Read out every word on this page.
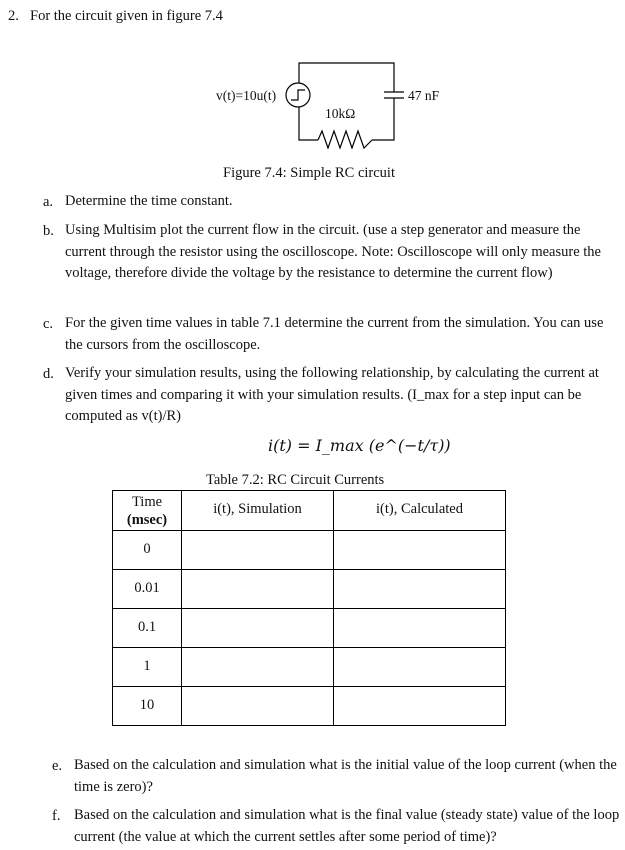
2. For the circuit given in figure 7.4
v(t)=10u(t)
10kΩ
47 nF
Figure 7.4: Simple RC circuit
a. Determine the time constant.
b. Using Multisim plot the current flow in the circuit. (use a step generator and measure the current through the resistor using the oscilloscope. Note: Oscilloscope will only measure the voltage, therefore divide the voltage by the resistance to determine the current flow)
c. For the given time values in table 7.1 determine the current from the simulation. You can use the cursors from the oscilloscope.
d. Verify your simulation results, using the following relationship, by calculating the current at given times and comparing it with your simulation results. (I_max for a step input can be computed as v(t)/R)
i(t) = I_max (e^(−t/τ))
Table 7.2: RC Circuit Currents
Time
(msec)	i(t), Simulation	i(t), Calculated
0		
0.01		
0.1		
1		
10		
e. Based on the calculation and simulation what is the initial value of the loop current (when the time is zero)?
f. Based on the calculation and simulation what is the final value (steady state) value of the loop current (the value at which the current settles after some period of time)?
